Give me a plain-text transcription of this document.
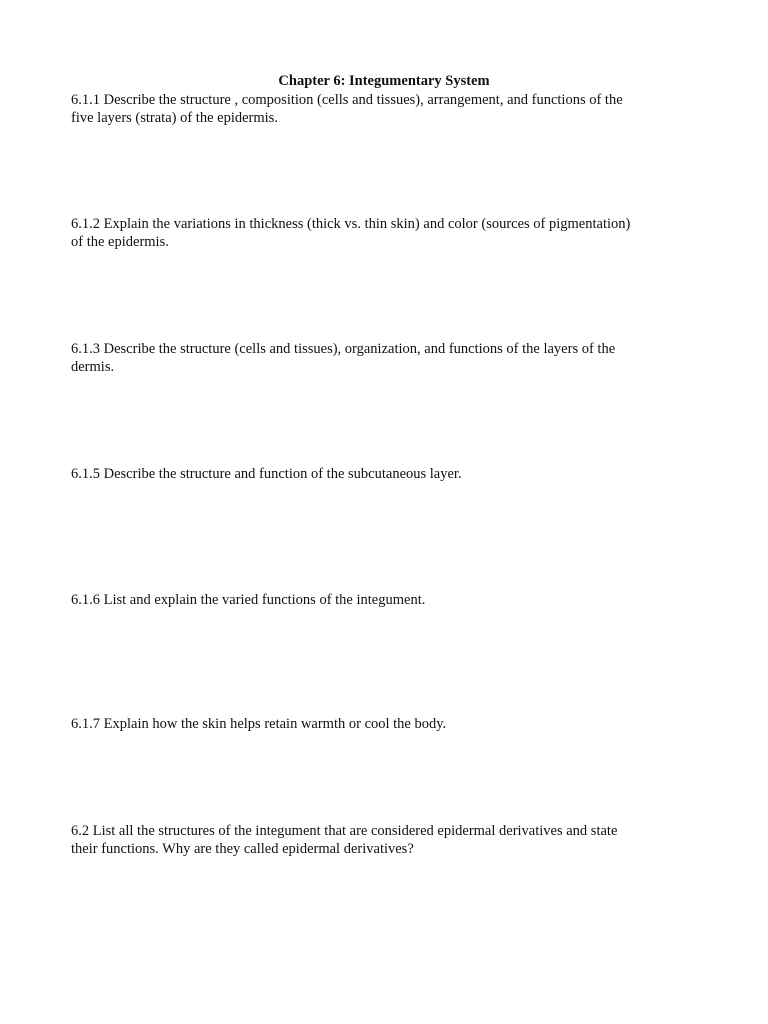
Chapter 6: Integumentary System
6.1.1 Describe the structure , composition (cells and tissues), arrangement, and functions of the five layers (strata) of the epidermis.
6.1.2 Explain the variations in thickness (thick vs. thin skin) and color (sources of pigmentation) of the epidermis.
6.1.3 Describe the structure (cells and tissues), organization, and functions of the layers of the dermis.
6.1.5 Describe the structure and function of the subcutaneous layer.
6.1.6 List and explain the varied functions of the integument.
6.1.7 Explain how the skin helps retain warmth or cool the body.
6.2 List all the structures of the integument that are considered epidermal derivatives and state their functions. Why are they called epidermal derivatives?
